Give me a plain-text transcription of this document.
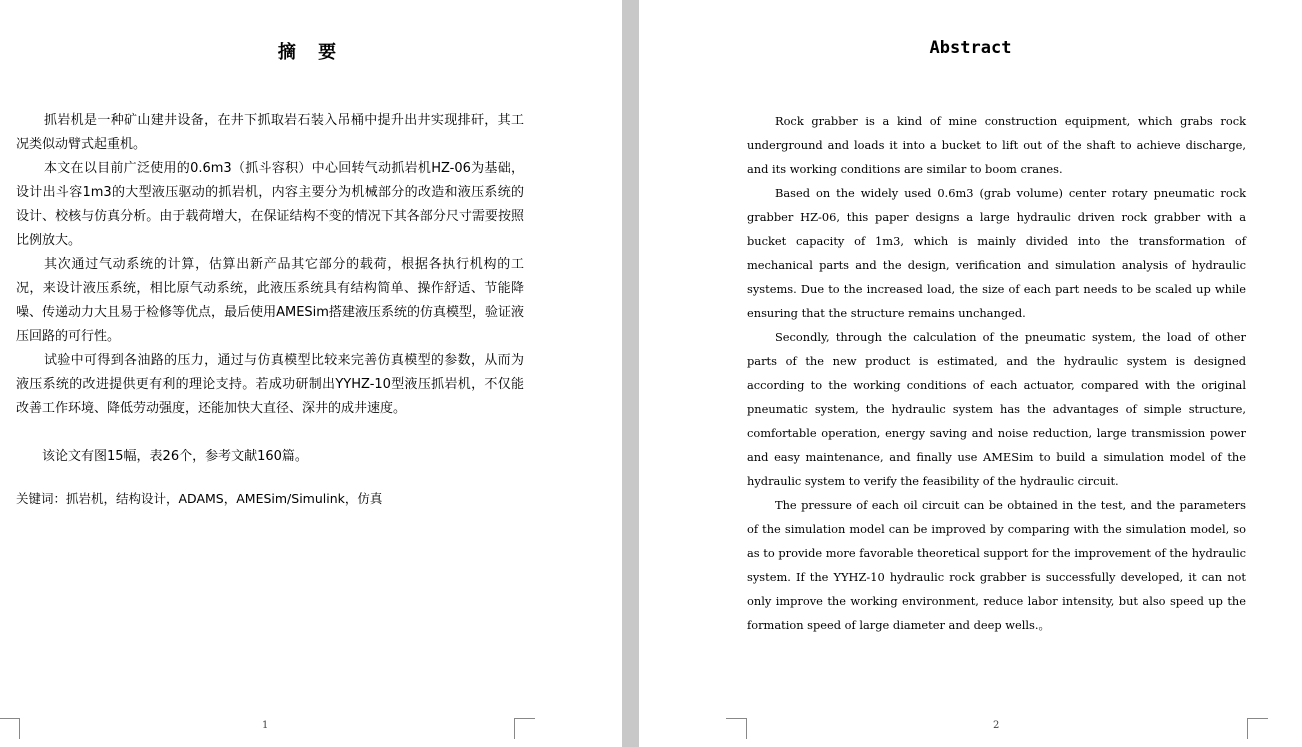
摘 要

抓岩机是一种矿山建井设备，在井下抓取岩石装入吊桶中提升出井实现排矸，其工况类似动臂式起重机。

本文在以目前广泛使用的0.6m3（抓斗容积）中心回转气动抓岩机HZ-06为基础，设计出斗容1m3的大型液压驱动的抓岩机，内容主要分为机械部分的改造和液压系统的设计、校核与仿真分析。由于载荷增大，在保证结构不变的情况下其各部分尺寸需要按照比例放大。

其次通过气动系统的计算，估算出新产品其它部分的载荷，根据各执行机构的工况，来设计液压系统，相比原气动系统，此液压系统具有结构简单、操作舒适、节能降噪、传递动力大且易于检修等优点，最后使用AMESim搭建液压系统的仿真模型，验证液压回路的可行性。

试验中可得到各油路的压力，通过与仿真模型比较来完善仿真模型的参数，从而为液压系统的改进提供更有利的理论支持。若成功研制出YYHZ-10型液压抓岩机，不仅能改善工作环境、降低劳动强度，还能加快大直径、深井的成井速度。

该论文有图15幅，表26个，参考文献160篇。
关键词：抓岩机，结构设计，ADAMS，AMESim/Simulink，仿真
1
Abstract

Rock grabber is a kind of mine construction equipment, which grabs rock underground and loads it into a bucket to lift out of the shaft to achieve discharge, and its working conditions are similar to boom cranes.

Based on the widely used 0.6m3 (grab volume) center rotary pneumatic rock grabber HZ-06, this paper designs a large hydraulic driven rock grabber with a bucket capacity of 1m3, which is mainly divided into the transformation of mechanical parts and the design, verification and simulation analysis of hydraulic systems. Due to the increased load, the size of each part needs to be scaled up while ensuring that the structure remains unchanged.

Secondly, through the calculation of the pneumatic system, the load of other parts of the new product is estimated, and the hydraulic system is designed according to the working conditions of each actuator, compared with the original pneumatic system, the hydraulic system has the advantages of simple structure, comfortable operation, energy saving and noise reduction, large transmission power and easy maintenance, and finally use AMESim to build a simulation model of the hydraulic system to verify the feasibility of the hydraulic circuit.

The pressure of each oil circuit can be obtained in the test, and the parameters of the simulation model can be improved by comparing with the simulation model, so as to provide more favorable theoretical support for the improvement of the hydraulic system. If the YYHZ-10 hydraulic rock grabber is successfully developed, it can not only improve the working environment, reduce labor intensity, but also speed up the formation speed of large diameter and deep wells.。

2
